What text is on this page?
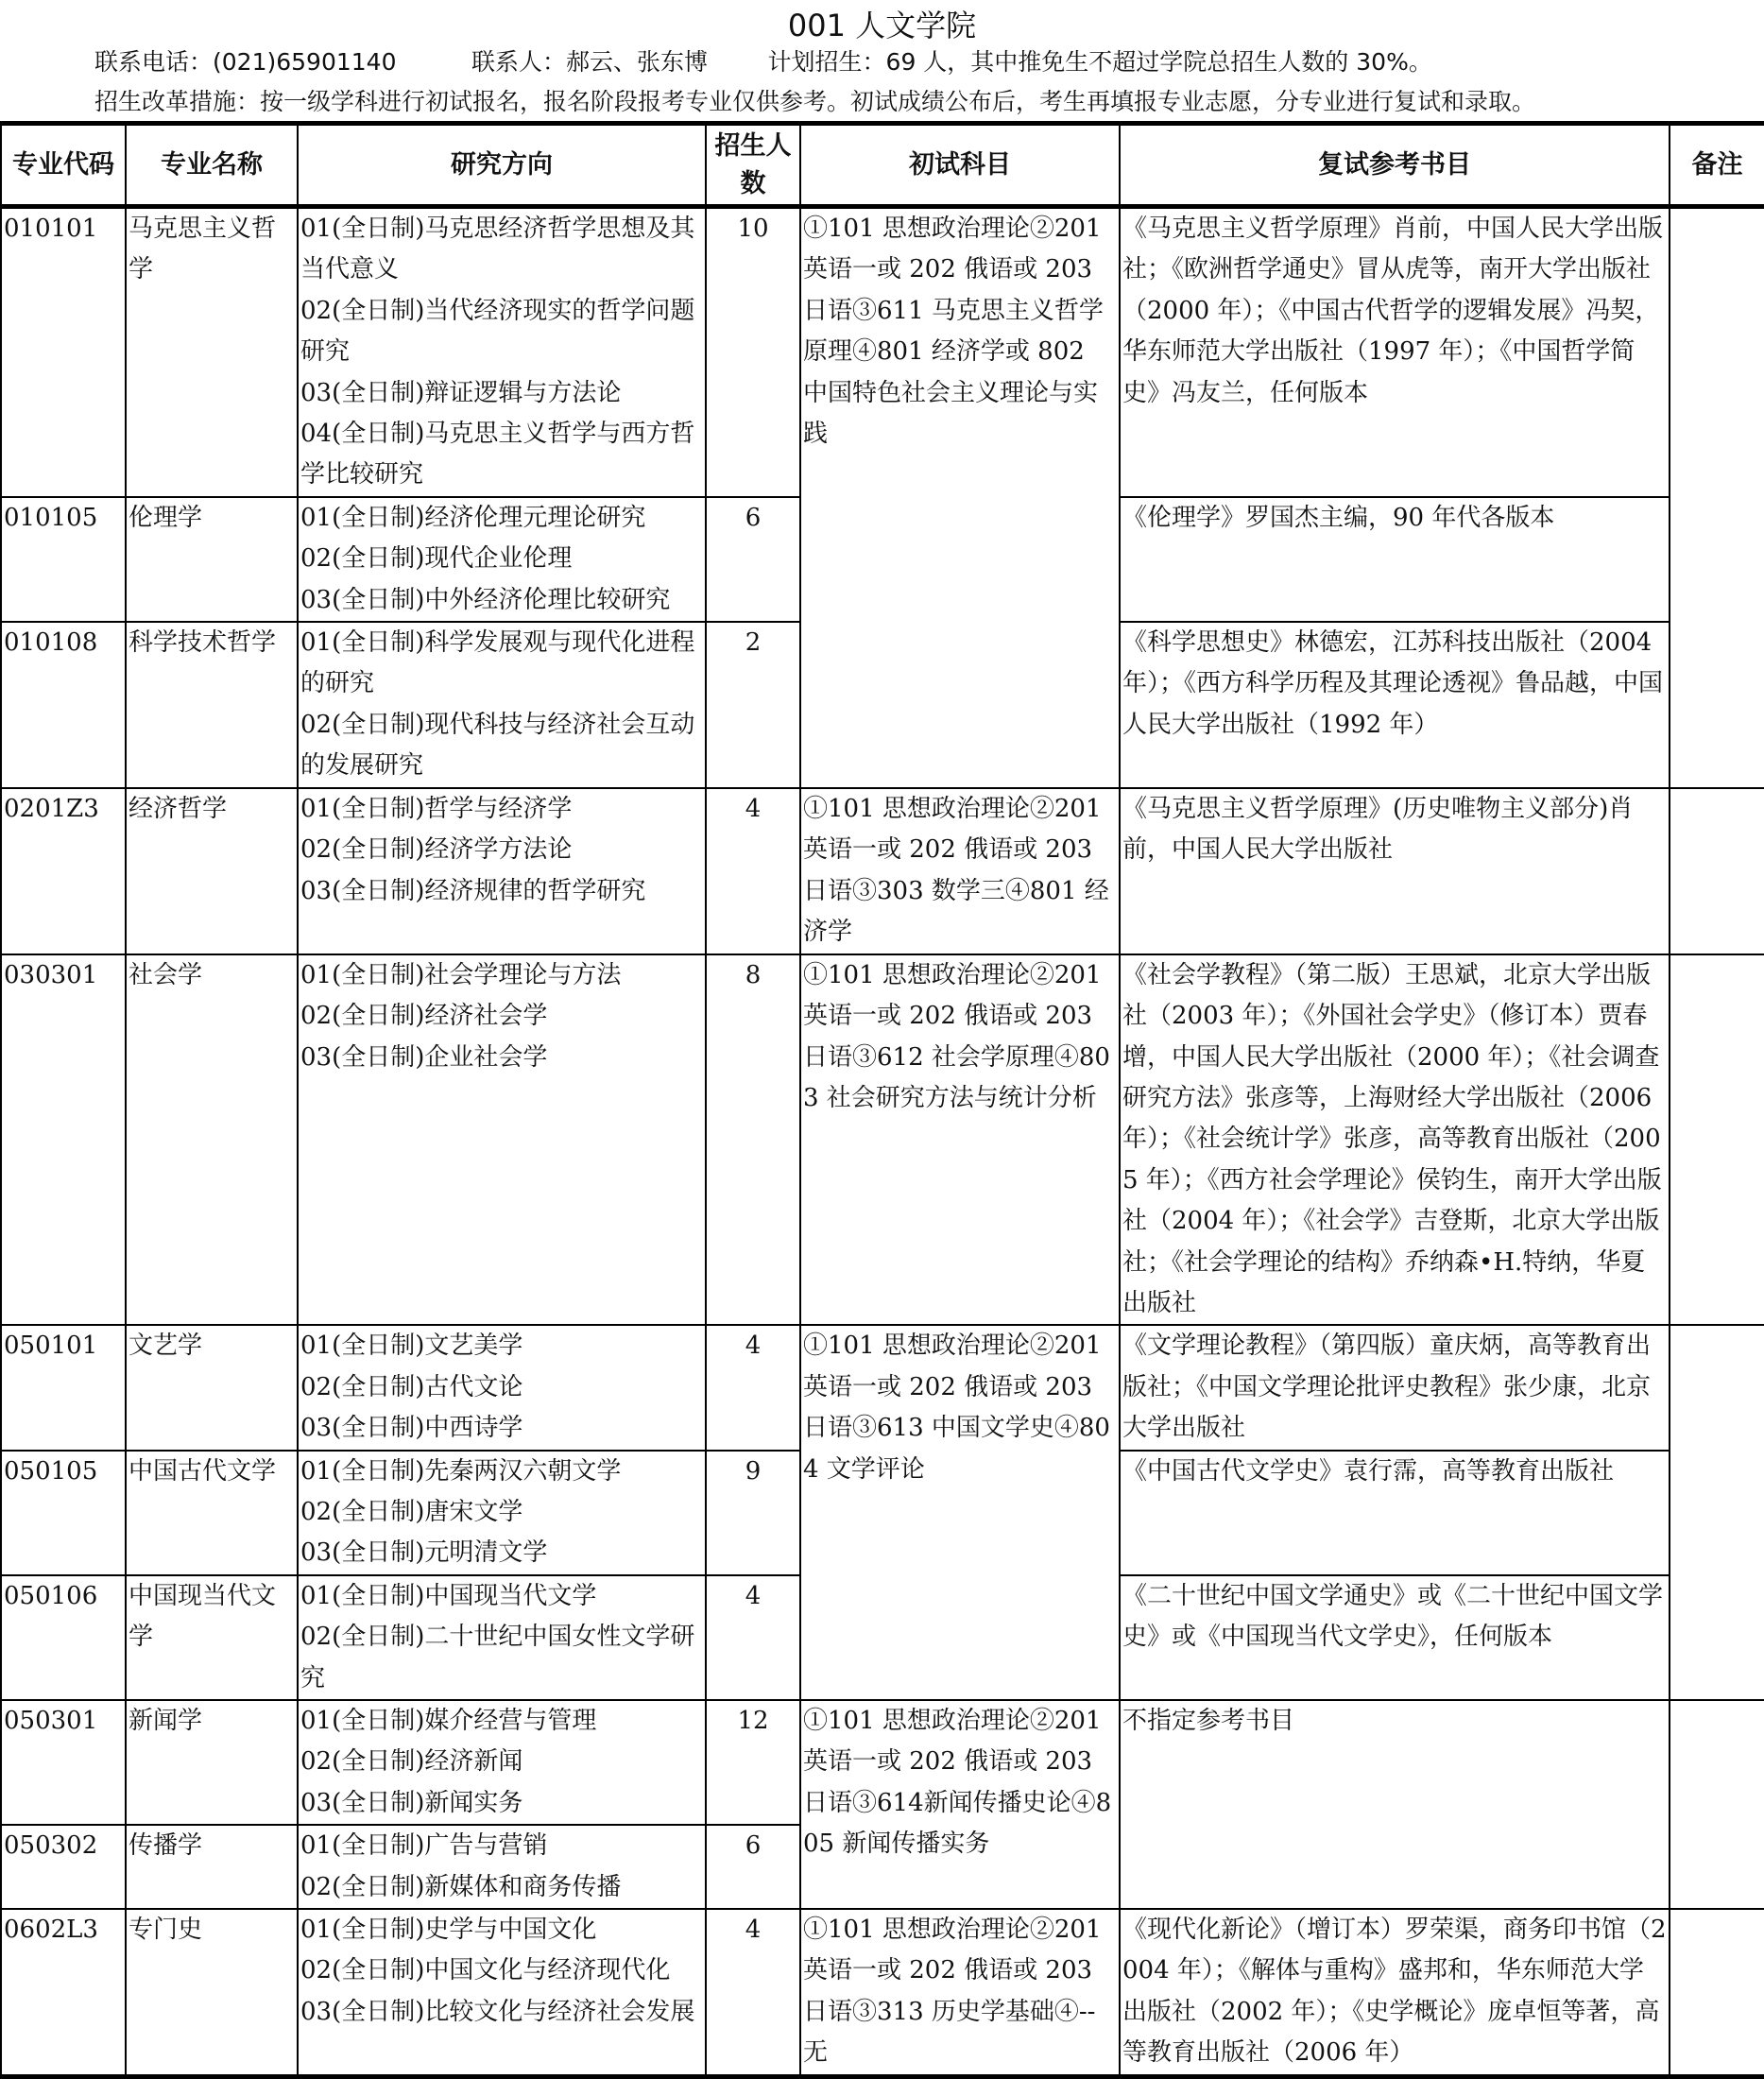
001 人文学院
联系电话：(021)65901140	联系人：郝云、张东博	计划招生：69 人，其中推免生不超过学院总招生人数的 30%。
招生改革措施：按一级学科进行初试报名，报名阶段报考专业仅供参考。初试成绩公布后，考生再填报专业志愿，分专业进行复试和录取。
专业代码	专业名称	研究方向	招生人数	初试科目	复试参考书目	备注
010101	马克思主义哲学	01(全日制)马克思经济哲学思想及其当代意义
02(全日制)当代经济现实的哲学问题研究
03(全日制)辩证逻辑与方法论
04(全日制)马克思主义哲学与西方哲学比较研究	10	①101 思想政治理论②201 英语一或 202 俄语或 203 日语③611 马克思主义哲学原理④801 经济学或 802 中国特色社会主义理论与实践	《马克思主义哲学原理》肖前，中国人民大学出版社；《欧洲哲学通史》冒从虎等，南开大学出版社（2000 年）；《中国古代哲学的逻辑发展》冯契，华东师范大学出版社（1997 年）；《中国哲学简史》冯友兰，任何版本	
010105	伦理学	01(全日制)经济伦理元理论研究
02(全日制)现代企业伦理
03(全日制)中外经济伦理比较研究	6		《伦理学》罗国杰主编，90 年代各版本	
010108	科学技术哲学	01(全日制)科学发展观与现代化进程的研究
02(全日制)现代科技与经济社会互动的发展研究	2		《科学思想史》林德宏，江苏科技出版社（2004年）；《西方科学历程及其理论透视》鲁品越，中国人民大学出版社（1992 年）	
0201Z3	经济哲学	01(全日制)哲学与经济学
02(全日制)经济学方法论
03(全日制)经济规律的哲学研究	4	①101 思想政治理论②201 英语一或 202 俄语或 203 日语③303 数学三④801 经济学	《马克思主义哲学原理》(历史唯物主义部分)肖前，中国人民大学出版社	
030301	社会学	01(全日制)社会学理论与方法
02(全日制)经济社会学
03(全日制)企业社会学	8	①101 思想政治理论②201 英语一或 202 俄语或 203 日语③612 社会学原理④803 社会研究方法与统计分析	《社会学教程》（第二版）王思斌，北京大学出版社（2003 年）；《外国社会学史》（修订本）贾春增，中国人民大学出版社（2000 年）；《社会调查研究方法》张彦等，上海财经大学出版社（2006 年）；《社会统计学》张彦，高等教育出版社（2005 年）；《西方社会学理论》侯钧生，南开大学出版社（2004 年）；《社会学》吉登斯，北京大学出版社；《社会学理论的结构》乔纳森•H.特纳，华夏出版社	
050101	文艺学	01(全日制)文艺美学
02(全日制)古代文论
03(全日制)中西诗学	4	①101 思想政治理论②201 英语一或 202 俄语或 203 日语③613 中国文学史④804 文学评论	《文学理论教程》（第四版）童庆炳，高等教育出版社；《中国文学理论批评史教程》张少康，北京大学出版社	
050105	中国古代文学	01(全日制)先秦两汉六朝文学
02(全日制)唐宋文学
03(全日制)元明清文学	9		《中国古代文学史》袁行霈，高等教育出版社	
050106	中国现当代文学	01(全日制)中国现当代文学
02(全日制)二十世纪中国女性文学研究	4		《二十世纪中国文学通史》或《二十世纪中国文学史》或《中国现当代文学史》，任何版本	
050301	新闻学	01(全日制)媒介经营与管理
02(全日制)经济新闻
03(全日制)新闻实务	12	①101 思想政治理论②201 英语一或 202 俄语或 203 日语③614新闻传播史论④805 新闻传播实务	不指定参考书目	
050302	传播学	01(全日制)广告与营销
02(全日制)新媒体和商务传播	6			
0602L3	专门史	01(全日制)史学与中国文化
02(全日制)中国文化与经济现代化
03(全日制)比较文化与经济社会发展	4	①101 思想政治理论②201 英语一或 202 俄语或 203 日语③313 历史学基础④--无	《现代化新论》（增订本）罗荣渠，商务印书馆（2004 年）；《解体与重构》盛邦和，华东师范大学出版社（2002 年）；《史学概论》庞卓恒等著，高等教育出版社（2006 年）	
